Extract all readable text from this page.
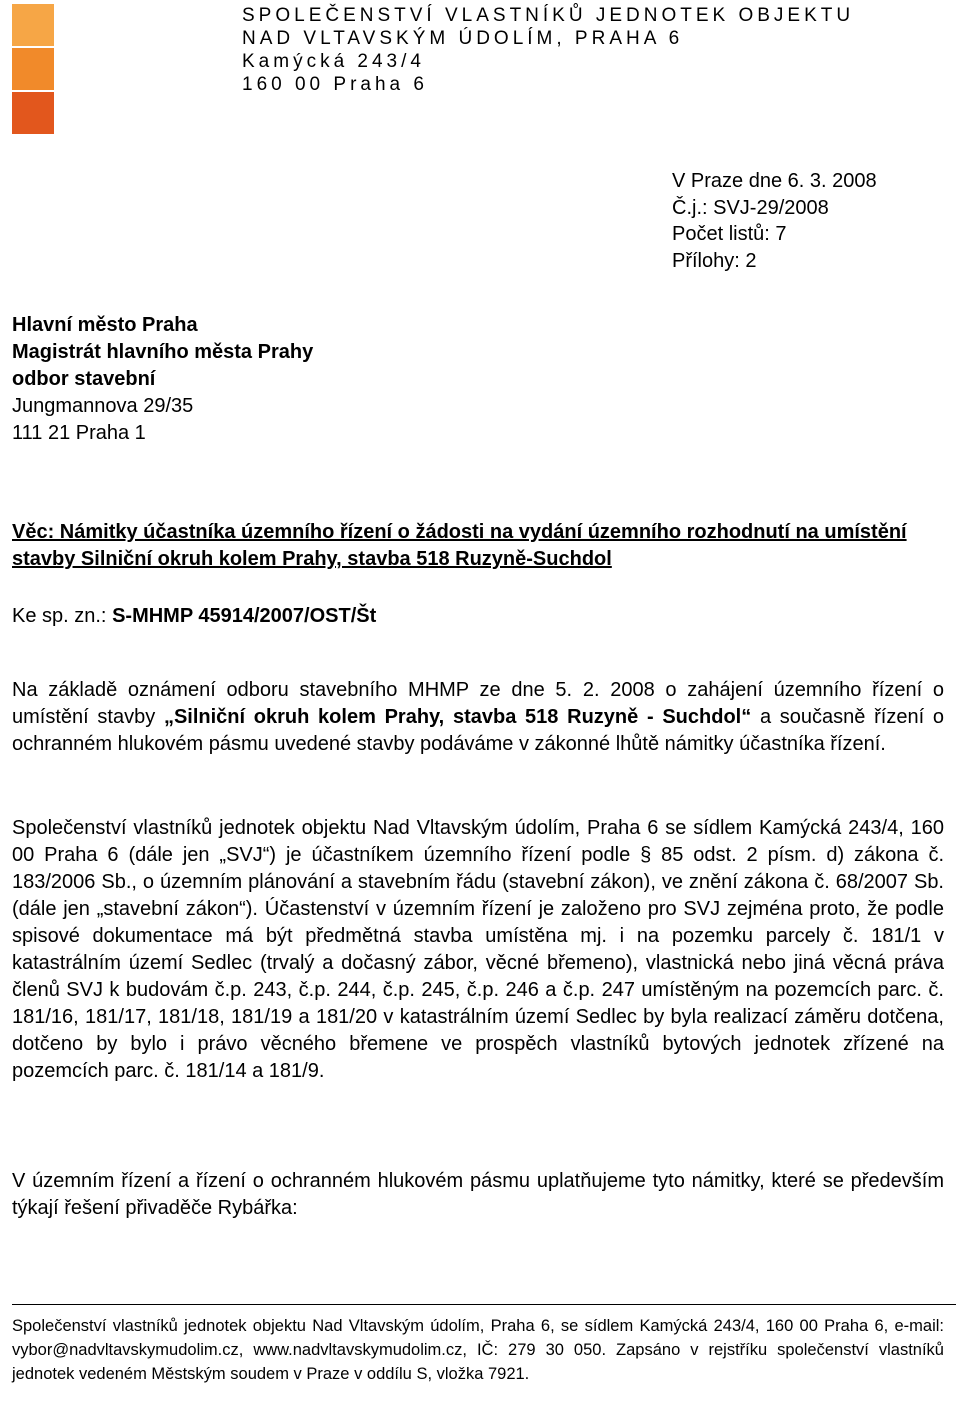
SPOLEČENSTVÍ VLASTNÍKŮ JEDNOTEK OBJEKTU
NAD VLTAVSKÝM ÚDOLÍM, PRAHA 6
Kamýcká 243/4
160 00 Praha 6
V Praze dne 6. 3. 2008
Č.j.: SVJ-29/2008
Počet listů: 7
Přílohy: 2
Hlavní město Praha
Magistrát hlavního města Prahy
odbor stavební
Jungmannova 29/35
111 21 Praha 1
Věc: Námitky účastníka územního řízení o žádosti na vydání územního rozhodnutí na umístění stavby Silniční okruh kolem Prahy, stavba 518 Ruzyně-Suchdol
Ke sp. zn.: S-MHMP 45914/2007/OST/Št
Na základě oznámení odboru stavebního MHMP ze dne 5. 2. 2008 o zahájení územního řízení o umístění stavby „Silniční okruh kolem Prahy, stavba 518 Ruzyně - Suchdol“ a současně řízení o ochranném hlukovém pásmu uvedené stavby podáváme v zákonné lhůtě námitky účastníka řízení.
Společenství vlastníků jednotek objektu Nad Vltavským údolím, Praha 6 se sídlem Kamýcká 243/4, 160 00 Praha 6 (dále jen „SVJ“) je účastníkem územního řízení podle § 85 odst. 2 písm. d) zákona č. 183/2006 Sb., o územním plánování a stavebním řádu (stavební zákon), ve znění zákona č. 68/2007 Sb. (dále jen „stavební zákon“). Účastenství v územním řízení je založeno pro SVJ zejména proto, že podle spisové dokumentace má být předmětná stavba umístěna mj. i na pozemku parcely č. 181/1 v katastrálním území Sedlec (trvalý a dočasný zábor, věcné břemeno), vlastnická nebo jiná věcná práva členů SVJ k budovám č.p. 243, č.p. 244, č.p. 245, č.p. 246 a č.p. 247 umístěným na pozemcích parc. č. 181/16, 181/17, 181/18, 181/19 a 181/20 v katastrálním území Sedlec by byla realizací záměru dotčena, dotčeno by bylo i právo věcného břemene ve prospěch vlastníků bytových jednotek zřízené na pozemcích parc. č. 181/14 a 181/9.
V územním řízení a řízení o ochranném hlukovém pásmu uplatňujeme tyto námitky, které se především týkají řešení přivaděče Rybářka:
Společenství vlastníků jednotek objektu Nad Vltavským údolím, Praha 6, se sídlem Kamýcká 243/4, 160 00 Praha 6, e-mail: vybor@nadvltavskymudolim.cz, www.nadvltavskymudolim.cz, IČ: 279 30 050. Zapsáno v rejstříku společenství vlastníků jednotek vedeném Městským soudem v Praze v oddílu S, vložka 7921.
